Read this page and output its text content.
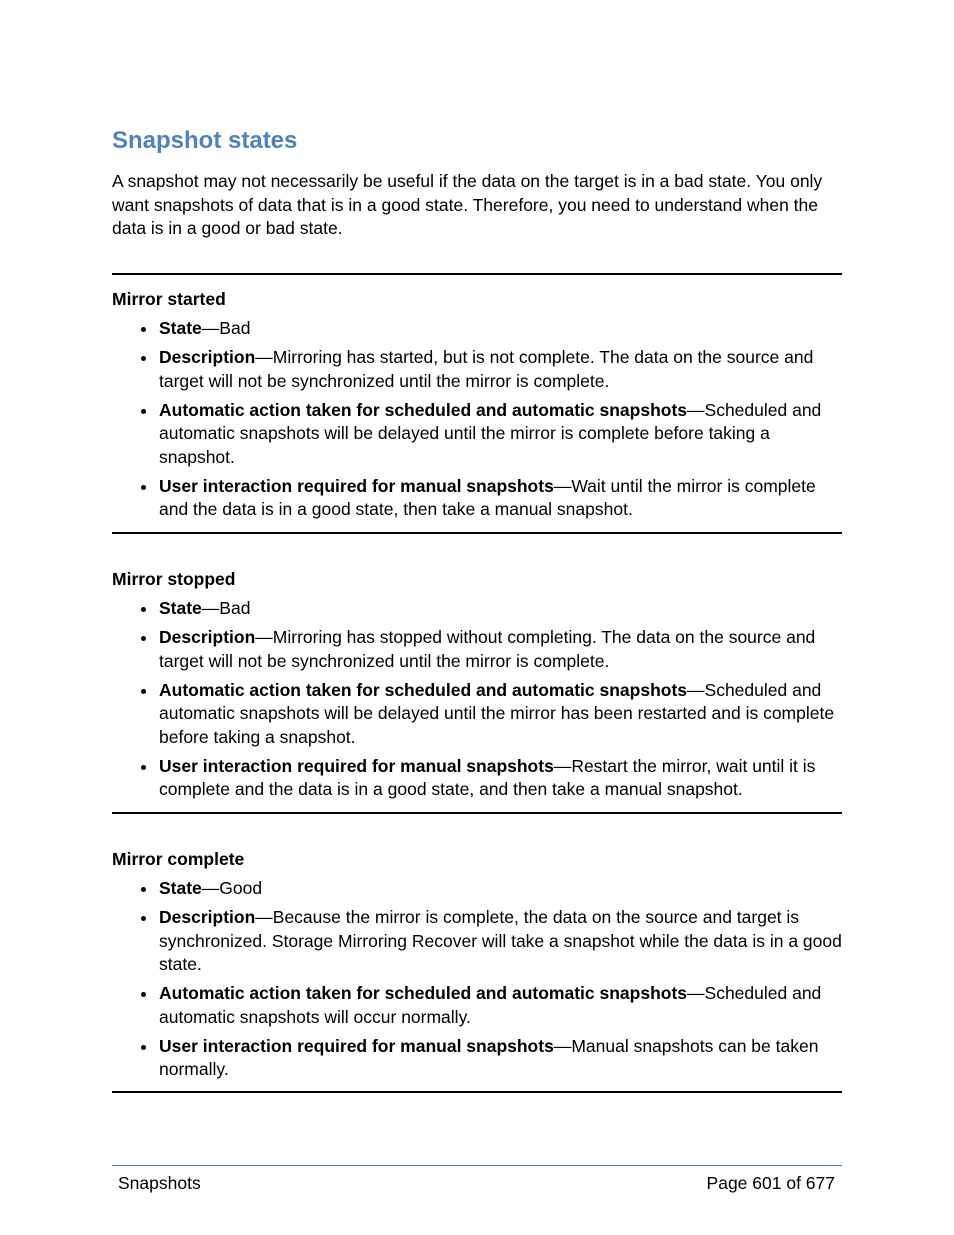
Snapshot states

A snapshot may not necessarily be useful if the data on the target is in a bad state. You only want snapshots of data that is in a good state. Therefore, you need to understand when the data is in a good or bad state.

Mirror started
State—Bad
Description—Mirroring has started, but is not complete. The data on the source and target will not be synchronized until the mirror is complete.
Automatic action taken for scheduled and automatic snapshots—Scheduled and automatic snapshots will be delayed until the mirror is complete before taking a snapshot.
User interaction required for manual snapshots—Wait until the mirror is complete and the data is in a good state, then take a manual snapshot.
Mirror stopped
State—Bad
Description—Mirroring has stopped without completing. The data on the source and target will not be synchronized until the mirror is complete.
Automatic action taken for scheduled and automatic snapshots—Scheduled and automatic snapshots will be delayed until the mirror has been restarted and is complete before taking a snapshot.
User interaction required for manual snapshots—Restart the mirror, wait until it is complete and the data is in a good state, and then take a manual snapshot.
Mirror complete
State—Good
Description—Because the mirror is complete, the data on the source and target is synchronized. Storage Mirroring Recover will take a snapshot while the data is in a good state.
Automatic action taken for scheduled and automatic snapshots—Scheduled and automatic snapshots will occur normally.
User interaction required for manual snapshots—Manual snapshots can be taken normally.
Snapshots	Page 601 of 677
